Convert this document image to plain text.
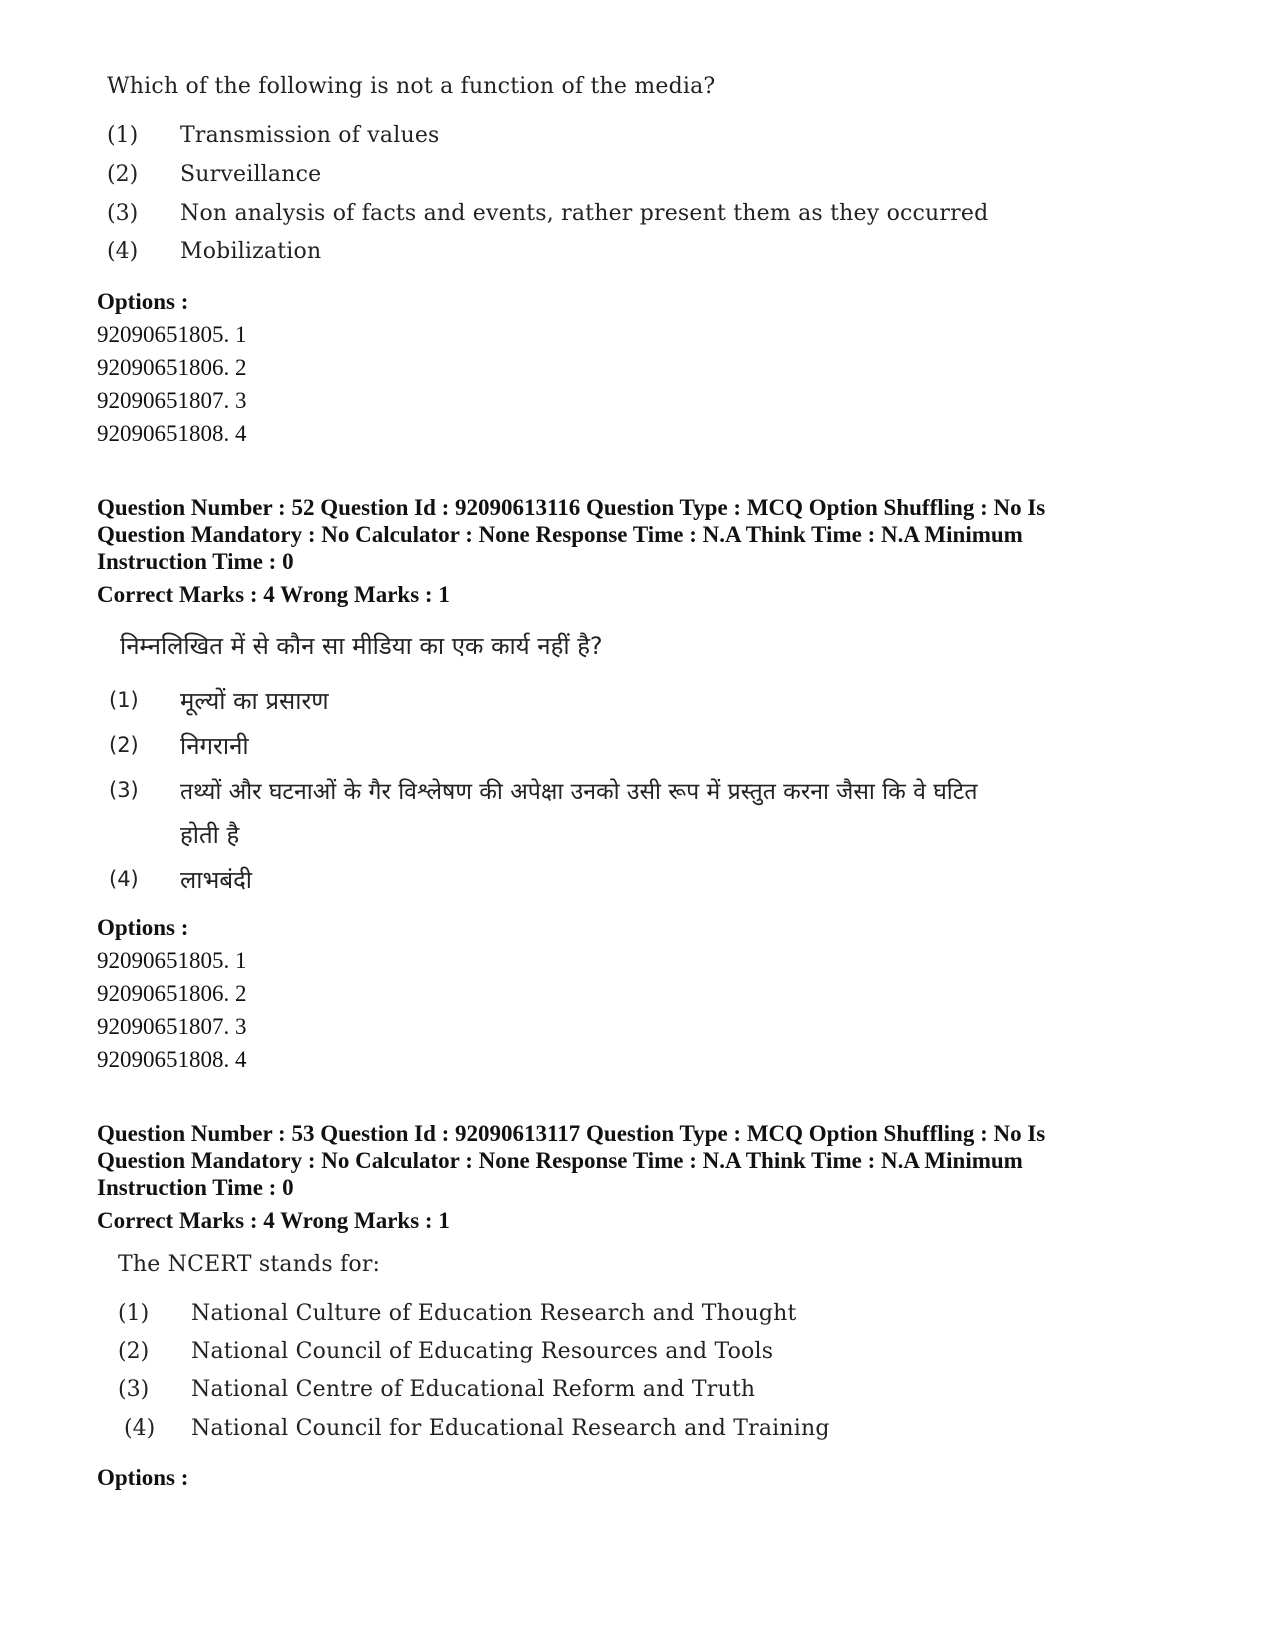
Which of the following is not a function of the media?
(1)	Transmission of values
(2)	Surveillance
(3)	Non analysis of facts and events, rather present them as they occurred
(4)	Mobilization
Options :
92090651805. 1
92090651806. 2
92090651807. 3
92090651808. 4
Question Number : 52 Question Id : 92090613116 Question Type : MCQ Option Shuffling : No Is
Question Mandatory : No Calculator : None Response Time : N.A Think Time : N.A Minimum
Instruction Time : 0
Correct Marks : 4 Wrong Marks : 1
निम्नलिखित में से कौन सा मीडिया का एक कार्य नहीं है?
(1)	मूल्यों का प्रसारण
(2)	निगरानी
(3)	तथ्यों और घटनाओं के गैर विश्लेषण की अपेक्षा उनको उसी रूप में प्रस्तुत करना जैसा कि वे घटित
होती है
(4)	लाभबंदी
Options :
92090651805. 1
92090651806. 2
92090651807. 3
92090651808. 4
Question Number : 53 Question Id : 92090613117 Question Type : MCQ Option Shuffling : No Is
Question Mandatory : No Calculator : None Response Time : N.A Think Time : N.A Minimum
Instruction Time : 0
Correct Marks : 4 Wrong Marks : 1
The NCERT stands for:
(1)	National Culture of Education Research and Thought
(2)	National Council of Educating Resources and Tools
(3)	National Centre of Educational Reform and Truth
(4)	National Council for Educational Research and Training
Options :
